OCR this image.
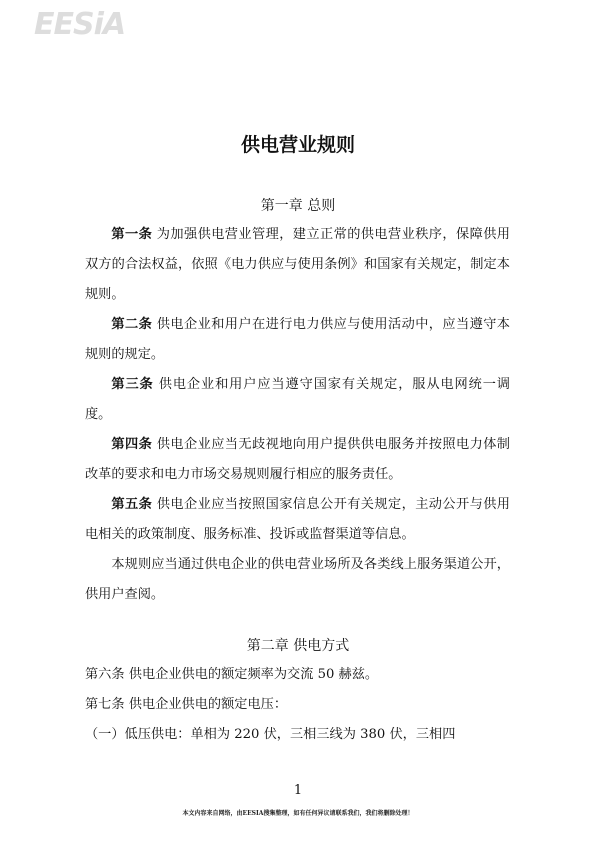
EESiA
供电营业规则
第一章 总则

第一条 为加强供电营业管理，建立正常的供电营业秩序，保障供用双方的合法权益，依照《电力供应与使用条例》和国家有关规定，制定本规则。

第二条 供电企业和用户在进行电力供应与使用活动中，应当遵守本规则的规定。

第三条 供电企业和用户应当遵守国家有关规定，服从电网统一调度。

第四条 供电企业应当无歧视地向用户提供供电服务并按照电力体制改革的要求和电力市场交易规则履行相应的服务责任。

第五条 供电企业应当按照国家信息公开有关规定，主动公开与供用电相关的政策制度、服务标准、投诉或监督渠道等信息。

本规则应当通过供电企业的供电营业场所及各类线上服务渠道公开，供用户查阅。

第二章 供电方式

第六条 供电企业供电的额定频率为交流 50 赫兹。

第七条 供电企业供电的额定电压：

（一）低压供电：单相为 220 伏，三相三线为 380 伏，三相四

1
本文内容来自网络，由EESIA搜集整理，如有任何异议请联系我们，我们将删除处理！
